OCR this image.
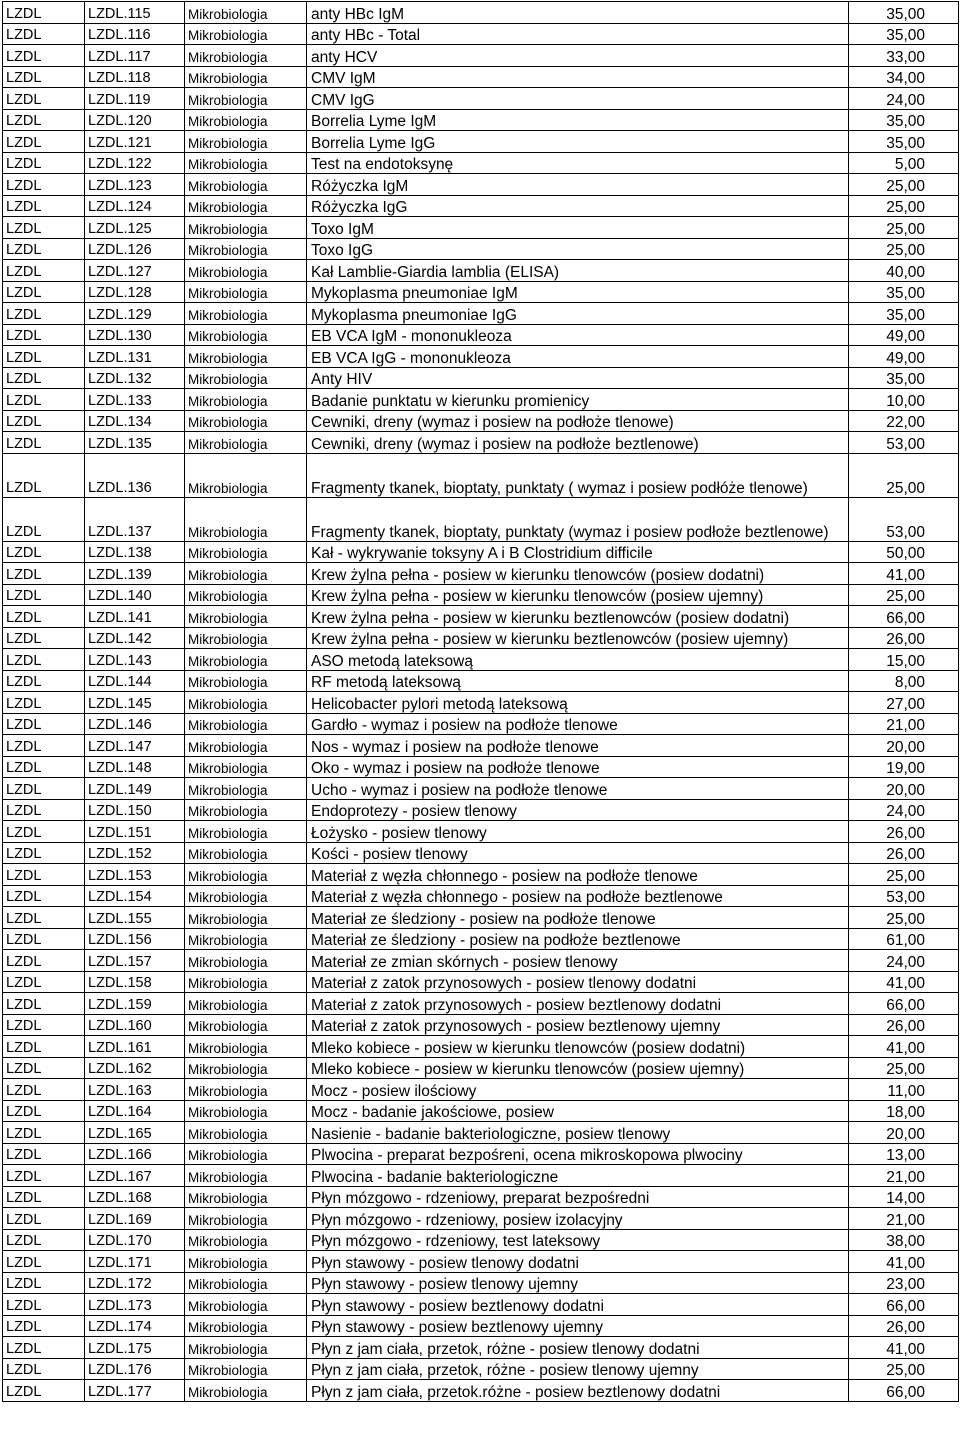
LZDL	LZDL.115	Mikrobiologia	anty HBc IgM	35,00
LZDL	LZDL.116	Mikrobiologia	anty HBc - Total	35,00
LZDL	LZDL.117	Mikrobiologia	anty HCV	33,00
LZDL	LZDL.118	Mikrobiologia	CMV IgM	34,00
LZDL	LZDL.119	Mikrobiologia	CMV IgG	24,00
LZDL	LZDL.120	Mikrobiologia	Borrelia Lyme IgM	35,00
LZDL	LZDL.121	Mikrobiologia	Borrelia Lyme IgG	35,00
LZDL	LZDL.122	Mikrobiologia	Test na endotoksynę	5,00
LZDL	LZDL.123	Mikrobiologia	Różyczka IgM	25,00
LZDL	LZDL.124	Mikrobiologia	Różyczka IgG	25,00
LZDL	LZDL.125	Mikrobiologia	Toxo IgM	25,00
LZDL	LZDL.126	Mikrobiologia	Toxo IgG	25,00
LZDL	LZDL.127	Mikrobiologia	Kał Lamblie-Giardia lamblia (ELISA)	40,00
LZDL	LZDL.128	Mikrobiologia	Mykoplasma pneumoniae IgM	35,00
LZDL	LZDL.129	Mikrobiologia	Mykoplasma pneumoniae IgG	35,00
LZDL	LZDL.130	Mikrobiologia	EB VCA IgM - mononukleoza	49,00
LZDL	LZDL.131	Mikrobiologia	EB VCA IgG - mononukleoza	49,00
LZDL	LZDL.132	Mikrobiologia	Anty HIV	35,00
LZDL	LZDL.133	Mikrobiologia	Badanie punktatu w kierunku promienicy	10,00
LZDL	LZDL.134	Mikrobiologia	Cewniki, dreny (wymaz i posiew na podłoże tlenowe)	22,00
LZDL	LZDL.135	Mikrobiologia	Cewniki, dreny (wymaz i posiew na podłoże beztlenowe)	53,00
LZDL	LZDL.136	Mikrobiologia	Fragmenty tkanek, bioptaty, punktaty ( wymaz i posiew podłóże tlenowe)	25,00
LZDL	LZDL.137	Mikrobiologia	Fragmenty tkanek, bioptaty, punktaty (wymaz i posiew podłoże beztlenowe)	53,00
LZDL	LZDL.138	Mikrobiologia	Kał - wykrywanie toksyny A i B Clostridium difficile	50,00
LZDL	LZDL.139	Mikrobiologia	Krew żylna pełna - posiew w kierunku tlenowców (posiew dodatni)	41,00
LZDL	LZDL.140	Mikrobiologia	Krew żylna pełna - posiew w kierunku tlenowców (posiew ujemny)	25,00
LZDL	LZDL.141	Mikrobiologia	Krew żylna pełna - posiew w kierunku beztlenowców (posiew dodatni)	66,00
LZDL	LZDL.142	Mikrobiologia	Krew żylna pełna - posiew w kierunku beztlenowców (posiew ujemny)	26,00
LZDL	LZDL.143	Mikrobiologia	ASO metodą lateksową	15,00
LZDL	LZDL.144	Mikrobiologia	RF metodą lateksową	8,00
LZDL	LZDL.145	Mikrobiologia	Helicobacter pylori metodą lateksową	27,00
LZDL	LZDL.146	Mikrobiologia	Gardło - wymaz i posiew na podłoże tlenowe	21,00
LZDL	LZDL.147	Mikrobiologia	Nos - wymaz i posiew na podłoże tlenowe	20,00
LZDL	LZDL.148	Mikrobiologia	Oko - wymaz i posiew na podłoże tlenowe	19,00
LZDL	LZDL.149	Mikrobiologia	Ucho - wymaz i posiew na podłoże tlenowe	20,00
LZDL	LZDL.150	Mikrobiologia	Endoprotezy - posiew tlenowy	24,00
LZDL	LZDL.151	Mikrobiologia	Łożysko - posiew tlenowy	26,00
LZDL	LZDL.152	Mikrobiologia	Kości - posiew tlenowy	26,00
LZDL	LZDL.153	Mikrobiologia	Materiał z węzła chłonnego - posiew na podłoże tlenowe	25,00
LZDL	LZDL.154	Mikrobiologia	Materiał z węzła chłonnego - posiew na podłoże beztlenowe	53,00
LZDL	LZDL.155	Mikrobiologia	Materiał ze śledziony - posiew na podłoże tlenowe	25,00
LZDL	LZDL.156	Mikrobiologia	Materiał ze śledziony - posiew na podłoże beztlenowe	61,00
LZDL	LZDL.157	Mikrobiologia	Materiał ze zmian skórnych - posiew tlenowy	24,00
LZDL	LZDL.158	Mikrobiologia	Materiał z zatok przynosowych - posiew tlenowy dodatni	41,00
LZDL	LZDL.159	Mikrobiologia	Materiał z zatok przynosowych - posiew beztlenowy dodatni	66,00
LZDL	LZDL.160	Mikrobiologia	Materiał z zatok przynosowych - posiew beztlenowy ujemny	26,00
LZDL	LZDL.161	Mikrobiologia	Mleko kobiece - posiew w kierunku tlenowców (posiew dodatni)	41,00
LZDL	LZDL.162	Mikrobiologia	Mleko kobiece - posiew w kierunku tlenowców (posiew ujemny)	25,00
LZDL	LZDL.163	Mikrobiologia	Mocz - posiew ilościowy	11,00
LZDL	LZDL.164	Mikrobiologia	Mocz - badanie jakościowe, posiew	18,00
LZDL	LZDL.165	Mikrobiologia	Nasienie - badanie bakteriologiczne, posiew tlenowy	20,00
LZDL	LZDL.166	Mikrobiologia	Plwocina - preparat bezpośreni, ocena mikroskopowa plwociny	13,00
LZDL	LZDL.167	Mikrobiologia	Plwocina - badanie bakteriologiczne	21,00
LZDL	LZDL.168	Mikrobiologia	Płyn mózgowo - rdzeniowy, preparat bezpośredni	14,00
LZDL	LZDL.169	Mikrobiologia	Płyn mózgowo - rdzeniowy, posiew izolacyjny	21,00
LZDL	LZDL.170	Mikrobiologia	Płyn mózgowo - rdzeniowy, test lateksowy	38,00
LZDL	LZDL.171	Mikrobiologia	Płyn stawowy - posiew tlenowy dodatni	41,00
LZDL	LZDL.172	Mikrobiologia	Płyn stawowy - posiew tlenowy ujemny	23,00
LZDL	LZDL.173	Mikrobiologia	Płyn stawowy - posiew beztlenowy dodatni	66,00
LZDL	LZDL.174	Mikrobiologia	Płyn stawowy - posiew beztlenowy ujemny	26,00
LZDL	LZDL.175	Mikrobiologia	Płyn z jam ciała, przetok, różne - posiew tlenowy dodatni	41,00
LZDL	LZDL.176	Mikrobiologia	Płyn z jam ciała, przetok, różne - posiew tlenowy ujemny	25,00
LZDL	LZDL.177	Mikrobiologia	Płyn z jam ciała, przetok.różne - posiew beztlenowy dodatni	66,00
